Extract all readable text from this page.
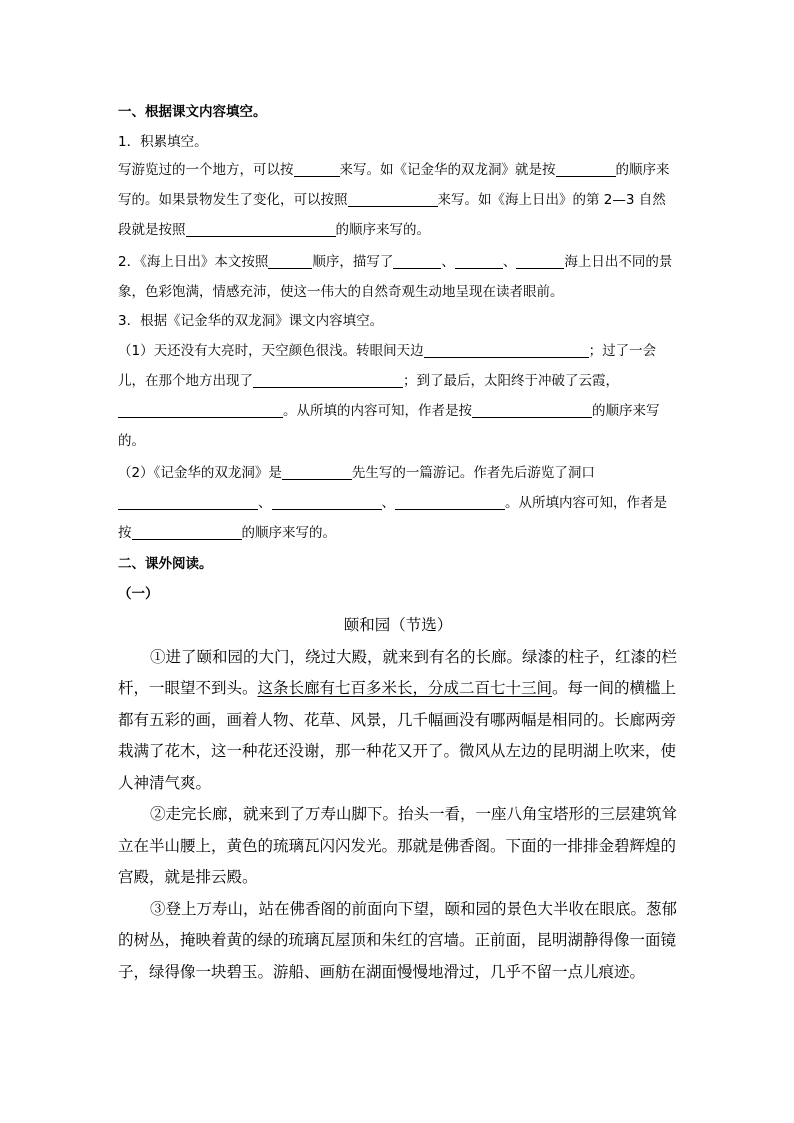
一、根据课文内容填空。

1．积累填空。

写游览过的一个地方，可以按	来写。如《记金华的双龙洞》就是按	的顺序来写的。如果景物发生了变化，可以按照	来写。如《海上日出》的第 2—3 自然段就是按照	的顺序来写的。

2．《海上日出》本文按照	顺序，描写了	、	、	海上日出不同的景象，色彩饱满，情感充沛，使这一伟大的自然奇观生动地呈现在读者眼前。

3．根据《记金华的双龙洞》课文内容填空。

（1）天还没有大亮时，天空颜色很浅。转眼间天边	；过了一会儿，在那个地方出现了	；到了最后，太阳终于冲破了云霞，。从所填的内容可知，作者是按	的顺序来写的。

（2）《记金华的双龙洞》是	先生写的一篇游记。作者先后游览了洞口、	、	。从所填内容可知，作者是按	的顺序来写的。

二、课外阅读。

（一）

颐和园（节选）

①进了颐和园的大门，绕过大殿，就来到有名的长廊。绿漆的柱子，红漆的栏杆，一眼望不到头。这条长廊有七百多米长，分成二百七十三间。每一间的横槛上都有五彩的画，画着人物、花草、风景，几千幅画没有哪两幅是相同的。长廊两旁栽满了花木，这一种花还没谢，那一种花又开了。微风从左边的昆明湖上吹来，使人神清气爽。

②走完长廊，就来到了万寿山脚下。抬头一看，一座八角宝塔形的三层建筑耸立在半山腰上，黄色的琉璃瓦闪闪发光。那就是佛香阁。下面的一排排金碧辉煌的宫殿，就是排云殿。

③登上万寿山，站在佛香阁的前面向下望，颐和园的景色大半收在眼底。葱郁的树丛，掩映着黄的绿的琉璃瓦屋顶和朱红的宫墙。正前面，昆明湖静得像一面镜子，绿得像一块碧玉。游船、画舫在湖面慢慢地滑过，几乎不留一点儿痕迹。
